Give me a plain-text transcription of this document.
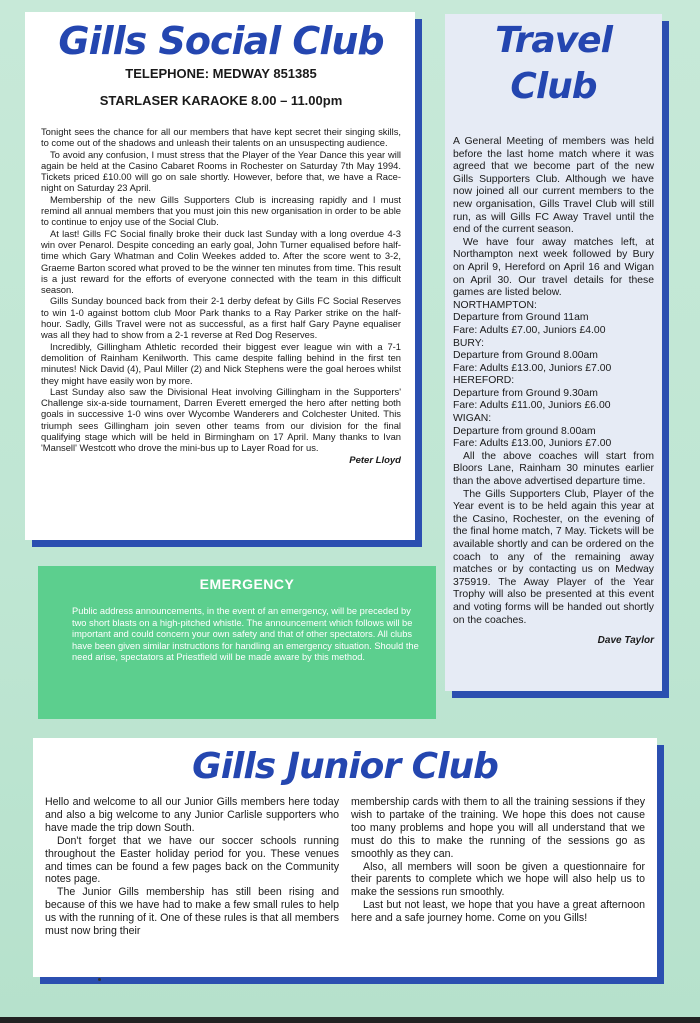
Gills Social Club
TELEPHONE: MEDWAY 851385
STARLASER KARAOKE 8.00 – 11.00pm

Tonight sees the chance for all our members that have kept secret their singing skills, to come out of the shadows and unleash their talents on an unsuspecting audience.

To avoid any confusion, I must stress that the Player of the Year Dance this year will again be held at the Casino Cabaret Rooms in Rochester on Saturday 7th May 1994. Tickets priced £10.00 will go on sale shortly. However, before that, we have a Race-night on Saturday 23 April.

Membership of the new Gills Supporters Club is increasing rapidly and I must remind all annual members that you must join this new organisation in order to be able to continue to enjoy use of the Social Club.

At last! Gills FC Social finally broke their duck last Sunday with a long overdue 4-3 win over Penarol. Despite conceding an early goal, John Turner equalised before half-time which Gary Whatman and Colin Weekes added to. After the score went to 3-2, Graeme Barton scored what proved to be the winner ten minutes from time. This result is a just reward for the efforts of everyone connected with the team in this difficult season.

Gills Sunday bounced back from their 2-1 derby defeat by Gills FC Social Reserves to win 1-0 against bottom club Moor Park thanks to a Ray Parker strike on the half-hour. Sadly, Gills Travel were not as successful, as a first half Gary Payne equaliser was all they had to show from a 2-1 reverse at Red Dog Reserves.

Incredibly, Gillingham Athletic recorded their biggest ever league win with a 7-1 demolition of Rainham Kenilworth. This came despite falling behind in the first ten minutes! Nick David (4), Paul Miller (2) and Nick Stephens were the goal heroes whilst they might have easily won by more.

Last Sunday also saw the Divisional Heat involving Gillingham in the Supporters' Challenge six-a-side tournament, Darren Everett emerged the hero after netting both goals in successive 1-0 wins over Wycombe Wanderers and Colchester United. This triumph sees Gillingham join seven other teams from our division for the final qualifying stage which will be held in Birmingham on 17 April. Many thanks to Ivan 'Mansell' Westcott who drove the mini-bus up to Layer Road for us.

Peter Lloyd
Travel Club

A General Meeting of members was held before the last home match where it was agreed that we become part of the new Gills Supporters Club. Although we have now joined all our current members to the new organisation, Gills Travel Club will still run, as will Gills FC Away Travel until the end of the current season.

We have four away matches left, at Northampton next week followed by Bury on April 9, Hereford on April 16 and Wigan on April 30. Our travel details for these games are listed below.

NORTHAMPTON:
Departure from Ground 11am
Fare: Adults £7.00, Juniors £4.00
BURY:
Departure from Ground 8.00am
Fare: Adults £13.00, Juniors £7.00
HEREFORD:
Departure from Ground 9.30am
Fare: Adults £11.00, Juniors £6.00
WIGAN:
Departure from ground 8.00am
Fare: Adults £13.00, Juniors £7.00

All the above coaches will start from Bloors Lane, Rainham 30 minutes earlier than the above advertised departure time.

The Gills Supporters Club, Player of the Year event is to be held again this year at the Casino, Rochester, on the evening of the final home match, 7 May. Tickets will be available shortly and can be ordered on the coach to any of the remaining away matches or by contacting us on Medway 375919. The Away Player of the Year Trophy will also be presented at this event and voting forms will be handed out shortly on the coaches.

Dave Taylor
EMERGENCY

Public address announcements, in the event of an emergency, will be preceded by two short blasts on a high-pitched whistle. The announcement which follows will be important and could concern your own safety and that of other spectators. All clubs have been given similar instructions for handling an emergency situation. Should the need arise, spectators at Priestfield will be made aware by this method.

Gills Junior Club

Hello and welcome to all our Junior Gills members here today and also a big welcome to any Junior Carlisle supporters who have made the trip down South.

Don't forget that we have our soccer schools running throughout the Easter holiday period for you. These venues and times can be found a few pages back on the Community notes page.

The Junior Gills membership has still been rising and because of this we have had to make a few small rules to help us with the running of it. One of these rules is that all members must now bring their

membership cards with them to all the training sessions if they wish to partake of the training. We hope this does not cause too many problems and hope you will all understand that we must do this to make the running of the sessions go as smoothly as they can.

Also, all members will soon be given a questionnaire for their parents to complete which we hope will also help us to make the sessions run smoothly.

Last but not least, we hope that you have a great afternoon here and a safe journey home. Come on you Gills!
